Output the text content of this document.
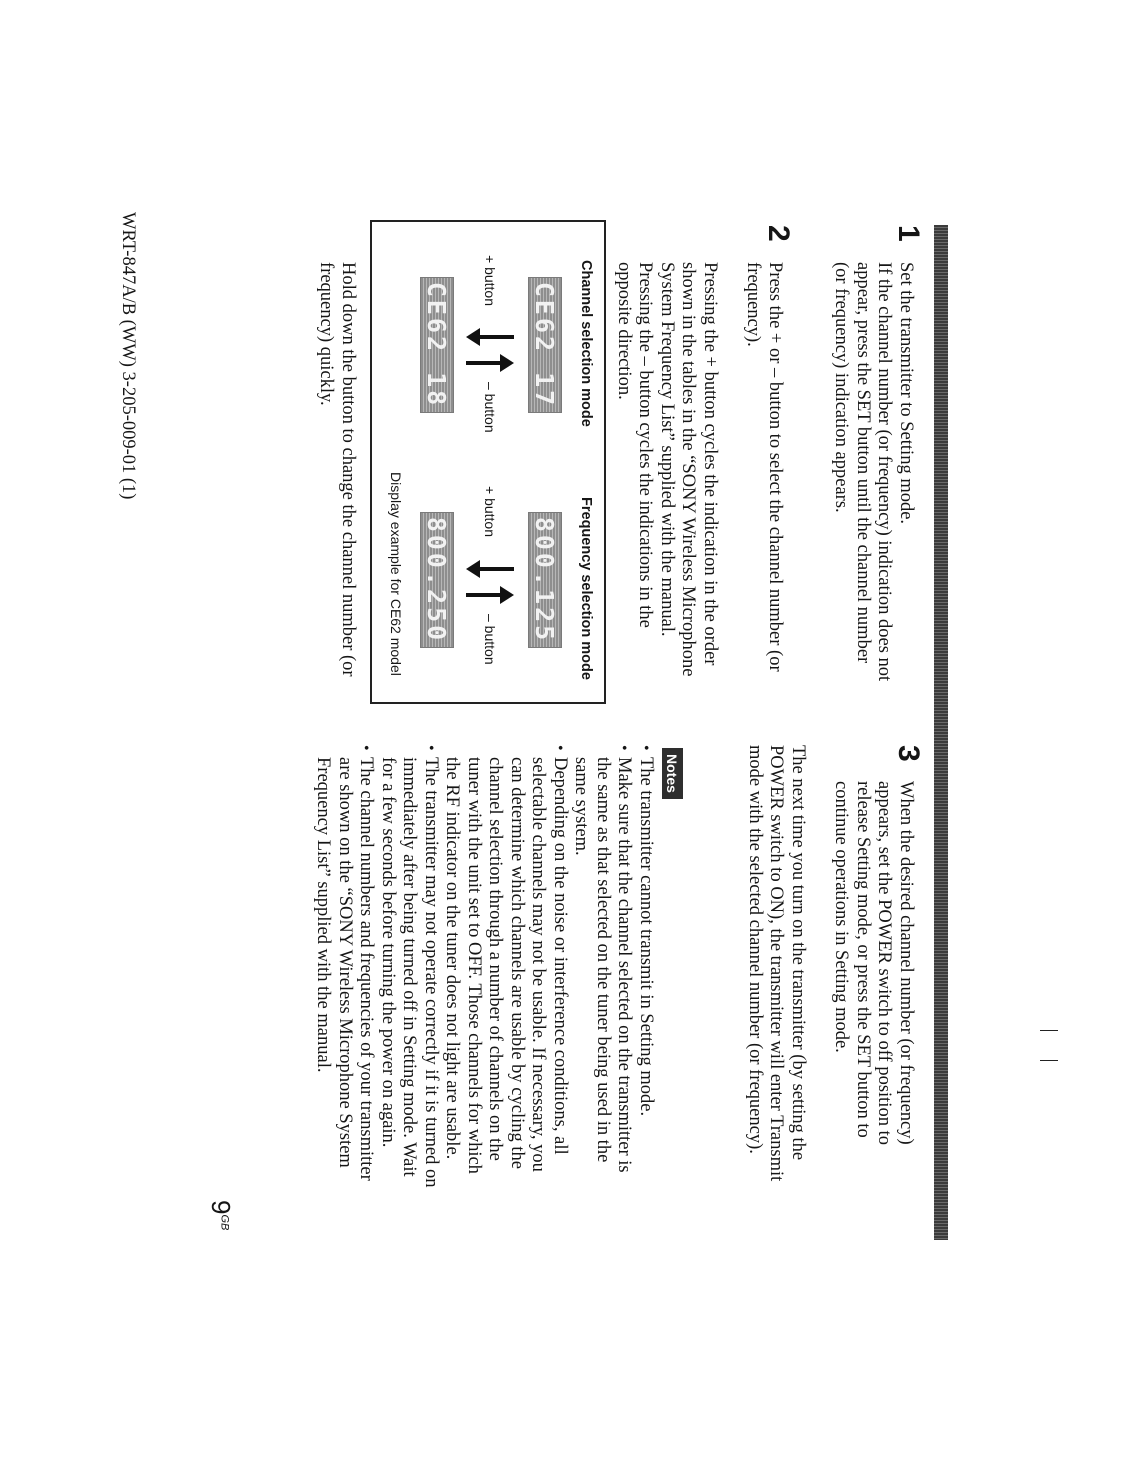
1

Set the transmitter to Setting mode.

If the channel number (or frequency) indication does not

appear, press the SET button until the channel number

(or frequency) indication appears.

2

Press the + or – button to select the channel number (or

frequency).

Pressing the + button cycles the indication in the order

shown in the tables in the “SONY Wireless Microphone

System Frequency List” supplied with the manual.

Pressing the – button cycles the indications in the

opposite direction.

Channel selection mode
Frequency selection mode
CE62 17
800.125
+ button
– button
+ button
– button
CE62 18
800.250
Display example for CE62 model

Hold down the button to change the channel number (or

frequency) quickly.

3

When the desired channel number (or frequency)

appears, set the POWER switch to off position to

release Setting mode, or press the SET button to

continue operations in Setting mode.

The next time you turn on the transmitter (by setting the

POWER switch to ON), the transmitter will enter Transmit

mode with the selected channel number (or frequency).

Notes

• The transmitter cannot transmit in Setting mode.

• Make sure that the channel selected on the transmitter is

the same as that selected on the tuner being used in the

same system.

• Depending on the noise or interference conditions, all

selectable channels may not be usable. If necessary, you

can determine which channels are usable by cycling the

channel selection through a number of channels on the

tuner with the unit set to OFF. Those channels for which

the RF indicator on the tuner does not light are usable.

• The transmitter may not operate correctly if it is turned on

immediately after being turned off in Setting mode. Wait

for a few seconds before turning the power on again.

• The channel numbers and frequencies of your transmitter

are shown on the “SONY Wireless Microphone System

Frequency List” supplied with the manual.

$9^{GB}$
WRT-847A/B (WW) 3-205-009-01 (1)
